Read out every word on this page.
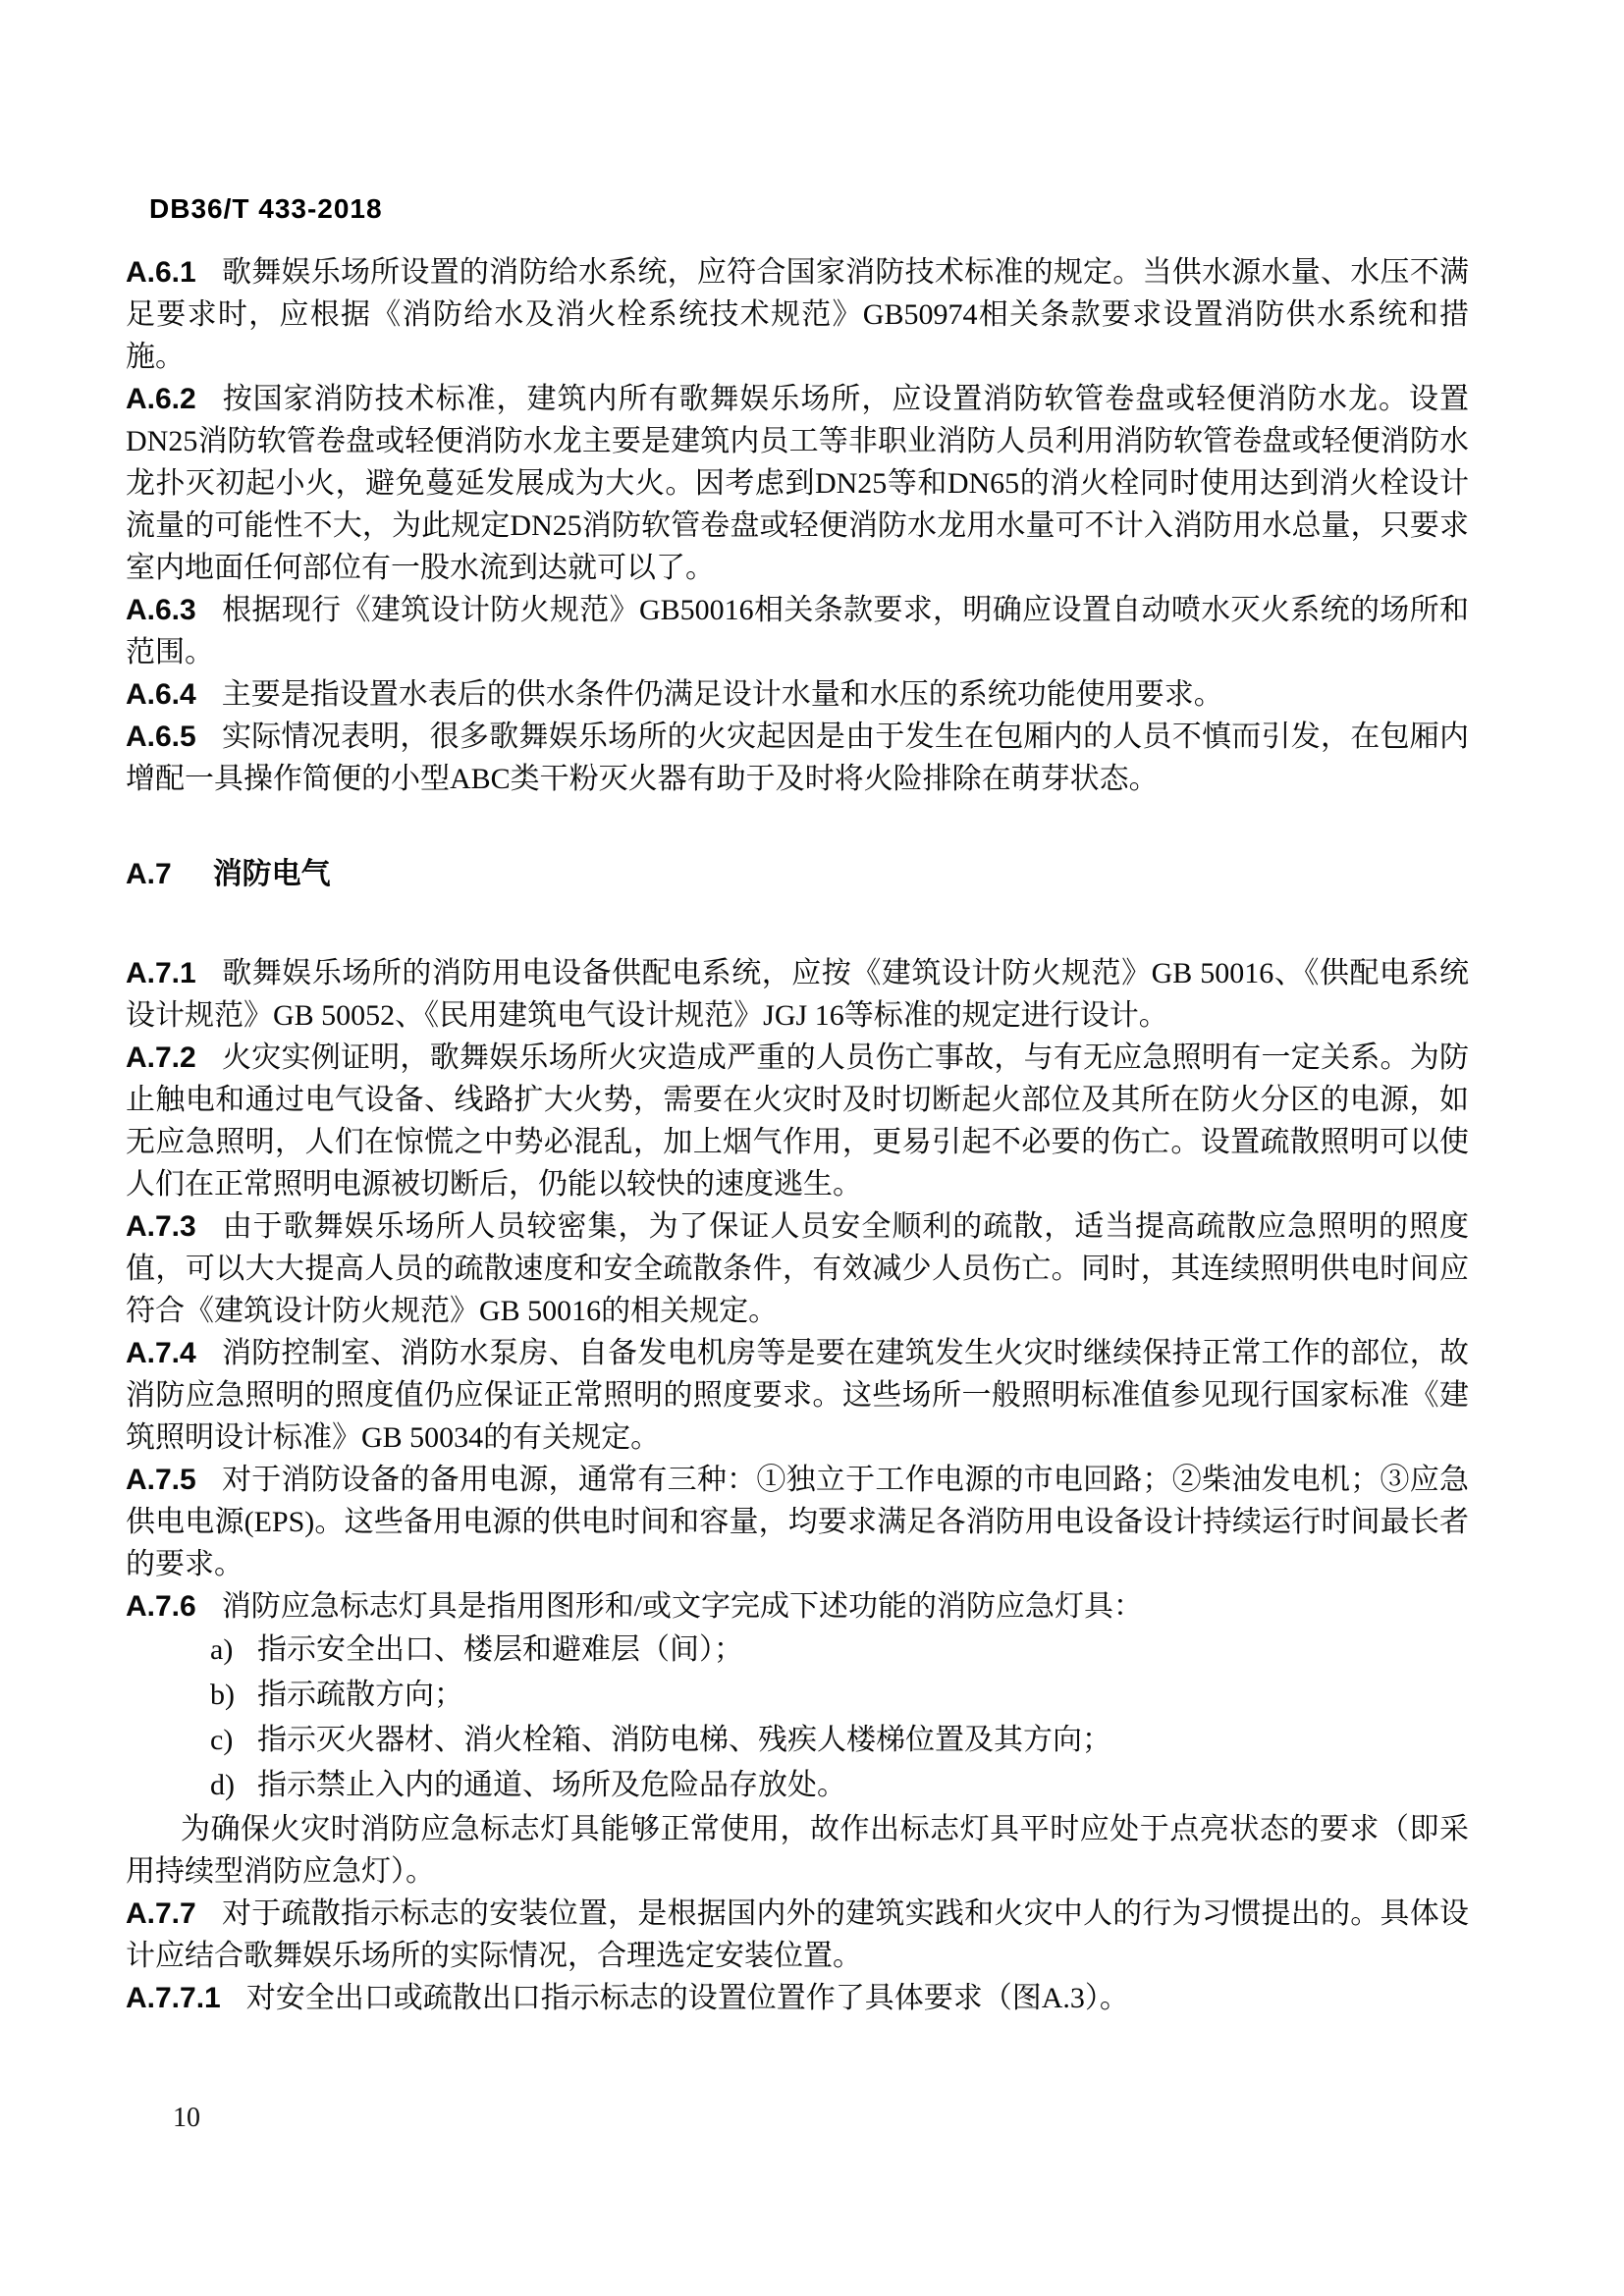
DB36/T 433-2018

A.6.1 歌舞娱乐场所设置的消防给水系统，应符合国家消防技术标准的规定。当供水源水量、水压不满足要求时，应根据《消防给水及消火栓系统技术规范》GB50974相关条款要求设置消防供水系统和措施。

A.6.2 按国家消防技术标准，建筑内所有歌舞娱乐场所，应设置消防软管卷盘或轻便消防水龙。设置DN25消防软管卷盘或轻便消防水龙主要是建筑内员工等非职业消防人员利用消防软管卷盘或轻便消防水龙扑灭初起小火，避免蔓延发展成为大火。因考虑到DN25等和DN65的消火栓同时使用达到消火栓设计流量的可能性不大，为此规定DN25消防软管卷盘或轻便消防水龙用水量可不计入消防用水总量，只要求室内地面任何部位有一股水流到达就可以了。

A.6.3 根据现行《建筑设计防火规范》GB50016相关条款要求，明确应设置自动喷水灭火系统的场所和范围。

A.6.4 主要是指设置水表后的供水条件仍满足设计水量和水压的系统功能使用要求。

A.6.5 实际情况表明，很多歌舞娱乐场所的火灾起因是由于发生在包厢内的人员不慎而引发，在包厢内增配一具操作简便的小型ABC类干粉灭火器有助于及时将火险排除在萌芽状态。

A.7 消防电气

A.7.1 歌舞娱乐场所的消防用电设备供配电系统，应按《建筑设计防火规范》GB 50016、《供配电系统设计规范》GB 50052、《民用建筑电气设计规范》JGJ 16等标准的规定进行设计。

A.7.2 火灾实例证明，歌舞娱乐场所火灾造成严重的人员伤亡事故，与有无应急照明有一定关系。为防止触电和通过电气设备、线路扩大火势，需要在火灾时及时切断起火部位及其所在防火分区的电源，如无应急照明，人们在惊慌之中势必混乱，加上烟气作用，更易引起不必要的伤亡。设置疏散照明可以使人们在正常照明电源被切断后，仍能以较快的速度逃生。

A.7.3 由于歌舞娱乐场所人员较密集，为了保证人员安全顺利的疏散，适当提高疏散应急照明的照度值，可以大大提高人员的疏散速度和安全疏散条件，有效减少人员伤亡。同时，其连续照明供电时间应符合《建筑设计防火规范》GB 50016的相关规定。

A.7.4 消防控制室、消防水泵房、自备发电机房等是要在建筑发生火灾时继续保持正常工作的部位，故消防应急照明的照度值仍应保证正常照明的照度要求。这些场所一般照明标准值参见现行国家标准《建筑照明设计标准》GB 50034的有关规定。

A.7.5 对于消防设备的备用电源，通常有三种：①独立于工作电源的市电回路；②柴油发电机；③应急供电电源(EPS)。这些备用电源的供电时间和容量，均要求满足各消防用电设备设计持续运行时间最长者的要求。

A.7.6 消防应急标志灯具是指用图形和/或文字完成下述功能的消防应急灯具：

a) 指示安全出口、楼层和避难层（间）；
b) 指示疏散方向；
c) 指示灭火器材、消火栓箱、消防电梯、残疾人楼梯位置及其方向；
d) 指示禁止入内的通道、场所及危险品存放处。

为确保火灾时消防应急标志灯具能够正常使用，故作出标志灯具平时应处于点亮状态的要求（即采用持续型消防应急灯）。

A.7.7 对于疏散指示标志的安装位置，是根据国内外的建筑实践和火灾中人的行为习惯提出的。具体设计应结合歌舞娱乐场所的实际情况，合理选定安装位置。

A.7.7.1 对安全出口或疏散出口指示标志的设置位置作了具体要求（图A.3）。

10
